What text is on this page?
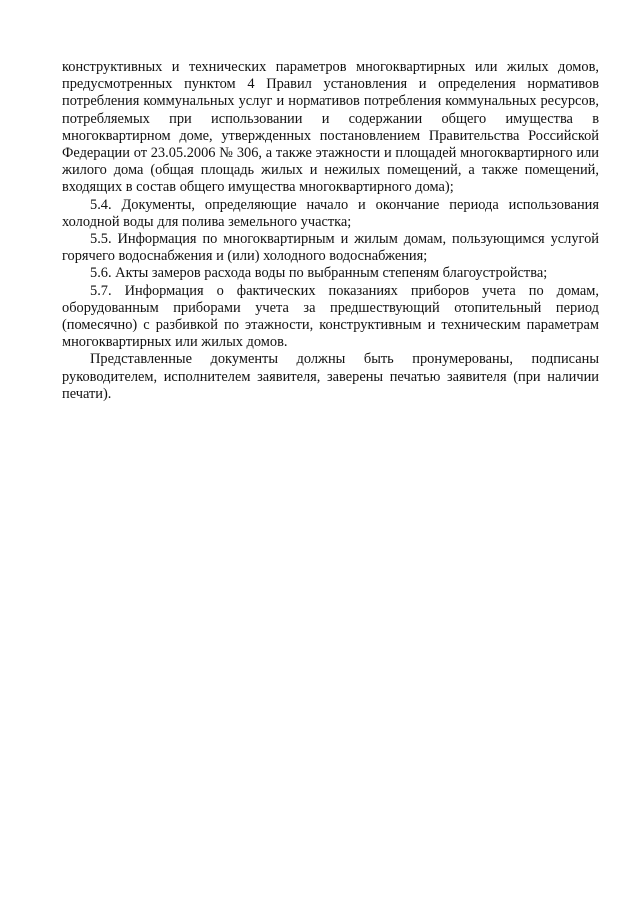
конструктивных и технических параметров многоквартирных или жилых домов, предусмотренных пунктом 4 Правил установления и определения нормативов потребления коммунальных услуг и нормативов потребления коммунальных ресурсов, потребляемых при использовании и содержании общего имущества в многоквартирном доме, утвержденных постановлением Правительства Российской Федерации от 23.05.2006 № 306, а также этажности и площадей многоквартирного или жилого дома (общая площадь жилых и нежилых помещений, а также помещений, входящих в состав общего имущества многоквартирного дома);

5.4. Документы, определяющие начало и окончание периода использования холодной воды для полива земельного участка;

5.5. Информация по многоквартирным и жилым домам, пользующимся услугой горячего водоснабжения и (или) холодного водоснабжения;

5.6. Акты замеров расхода воды по выбранным степеням благоустройства;

5.7. Информация о фактических показаниях приборов учета по домам, оборудованным приборами учета за предшествующий отопительный период (помесячно) с разбивкой по этажности, конструктивным и техническим параметрам многоквартирных или жилых домов.

Представленные документы должны быть пронумерованы, подписаны руководителем, исполнителем заявителя, заверены печатью заявителя (при наличии печати).
